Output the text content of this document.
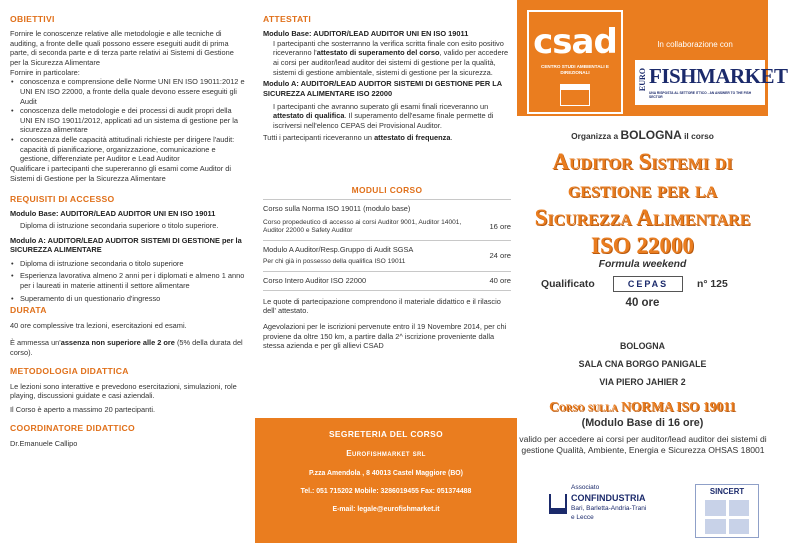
OBIETTIVI
Fornire le conoscenze relative alle metodologie e alle tecniche di auditing, a fronte delle quali possono essere eseguiti audit di prima parte, di seconda parte e di terza parte relativi ai Sistemi di Gestione per la Sicurezza Alimentare
Fornire in particolare:
• conoscenza e comprensione delle Norme UNI EN ISO 19011:2012 e UNI EN ISO 22000, a fronte della quale devono essere eseguiti gli Audit
• conoscenza delle metodologie e dei processi di audit propri della UNI EN ISO 19011/2012, applicati ad un sistema di gestione per la sicurezza alimentare
• conoscenza delle capacità attitudinali richieste per dirigere l'audit: capacità di pianificazione, organizzazione, comunicazione e gestione, differenziate per Auditor e Lead Auditor
Qualificare i partecipanti che supereranno gli esami come Auditor di Sistemi di Gestione per la Sicurezza Alimentare
REQUISITI DI ACCESSO
Modulo Base: AUDITOR/LEAD AUDITOR UNI EN ISO 19011
Diploma di istruzione secondaria superiore o titolo superiore.
Modulo A: AUDITOR/LEAD AUDITOR SISTEMI DI GESTIONE per la SICUREZZA ALIMENTARE
• Diploma di istruzione secondaria o titolo superiore
• Esperienza lavorativa almeno 2 anni per i diplomati e almeno 1 anno per i laureati in materie attinenti il settore alimentare
• Superamento di un questionario d'ingresso
DURATA
40 ore complessive tra lezioni, esercitazioni ed esami.
È ammessa un'assenza non superiore alle 2 ore (5% della durata del corso).
METODOLOGIA DIDATTICA
Le lezioni sono interattive e prevedono esercitazioni, simulazioni, role playing, discussioni guidate e casi aziendali.
Il Corso è aperto a massimo 20 partecipanti.
COORDINATORE DIDATTICO
Dr.Emanuele Callipo
ATTESTATI
Modulo Base: AUDITOR/LEAD AUDITOR UNI EN ISO 19011
I partecipanti che sosterranno la verifica scritta finale con esito positivo riceveranno l'attestato di superamento del corso, valido per accedere ai corsi per auditor/lead auditor dei sistemi di gestione per la qualità, sistemi di gestione ambientale, sistemi di gestione per la sicurezza.
Modulo A: AUDITOR/LEAD AUDITOR SISTEMI DI GESTIONE PER LA SICUREZZA ALIMENTARE ISO 22000
I partecipanti che avranno superato gli esami finali riceveranno un attestato di qualifica. Il superamento dell'esame finale permette di iscriversi nell'elenco CEPAS dei Provisional Auditor.
Tutti i partecipanti riceveranno un attestato di frequenza.
MODULI CORSO
Corso sulla Norma ISO 19011 (modulo base)
Corso propedeutico di accesso ai corsi Auditor 9001, Auditor 14001, Auditor 22000 e Safety Auditor	16 ore
Modulo A Auditor/Resp.Gruppo di Audit SGSA
Per chi già in possesso della qualifica ISO 19011
24 ore
Corso Intero Auditor ISO 22000	40 ore
Le quote di partecipazione comprendono il materiale didattico e il rilascio dell' attestato.
Agevolazioni per le iscrizioni pervenute entro il 19 Novembre 2014, per chi proviene da oltre 150 km, a partire dalla 2^ iscrizione proveniente dalla stessa azienda e per gli allievi CSAD
SEGRETERIA DEL CORSO
Eurofishmarket srl
P.zza Amendola , 8 40013 Castel Maggiore (BO)
Tel.: 051 715202 Mobile: 3286019455 Fax: 051374488
E-mail: legale@eurofishmarket.it
csad
CENTRO STUDI AMBIENTALI E DIREZIONALI
In collaborazione con
EURO FISHMARKET
UNA RISPOSTA AL SETTORE ITTICO - AN ANSWER TO THE FISH SECTOR
Organizza a BOLOGNA il corso
Auditor Sistemi di
gestione per la
Sicurezza Alimentare
ISO 22000
Formula weekend
Qualificato	CEPAS	n° 125
40 ore
BOLOGNA
SALA CNA BORGO PANIGALE
VIA PIERO JAHIER 2
Corso sulla NORMA ISO 19011
(Modulo Base di 16 ore)
valido per accedere ai corsi per auditor/lead auditor dei sistemi di gestione Qualità, Ambiente, Energia e Sicurezza OHSAS 18001
Associato
CONFINDUSTRIA
Bari, Barletta-Andria-Trani
e Lecce
SINCERT
